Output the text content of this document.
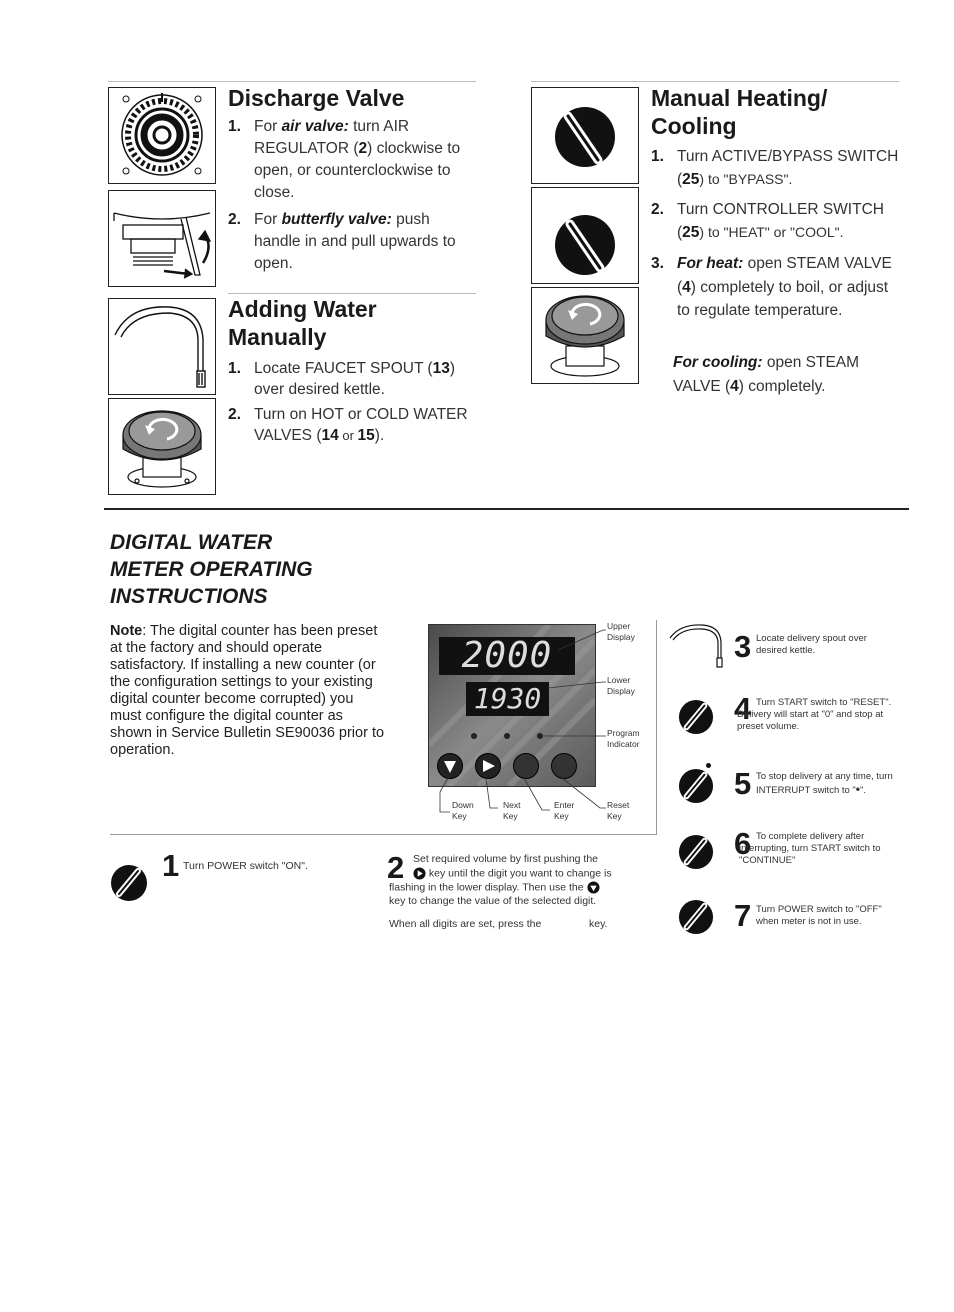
Discharge Valve
1. For air valve: turn AIR REGULATOR (2) clockwise to open, or counterclockwise to close.
2. For butterfly valve: push handle in and pull upwards to open.
Adding Water
Manually
1. Locate FAUCET SPOUT (13) over desired kettle.
2. Turn on HOT or COLD WATER VALVES (14 or 15).
Manual Heating/
Cooling
1. Turn ACTIVE/BYPASS SWITCH (25) to "BYPASS".
2. Turn CONTROLLER SWITCH (25) to "HEAT" or "COOL".
3. For heat: open STEAM VALVE (4) completely to boil, or adjust to regulate temperature.
For cooling: open STEAM VALVE (4) completely.
DIGITAL WATER
METER OPERATING
INSTRUCTIONS
Note: The digital counter has been preset at the factory and should operate satisfactory. If installing a new counter (or the configuration settings to your existing digital counter become corrupted) you must configure the digital counter as shown in Service Bulletin SE90036 prior to operation.
2000
1930
Upper Display
Lower Display
Program Indicator
Down Key
Next Key
Enter Key
Reset Key
1 Turn POWER switch "ON".	2 Set required volume by first pushing the
key until the digit you want to change is
flashing in the lower display. Then use the
key to change the value of the selected digit.
When all digits are set, press the	key.
3 Locate delivery spout over desired kettle.
4 Turn START switch to "RESET". Delivery will start at "0" and stop at preset volume.
5 To stop delivery at any time, turn INTERRUPT switch to "•".
6 To complete delivery after interrupting, turn START switch to "CONTINUE"
7 Turn POWER switch to "OFF" when meter is not in use.
